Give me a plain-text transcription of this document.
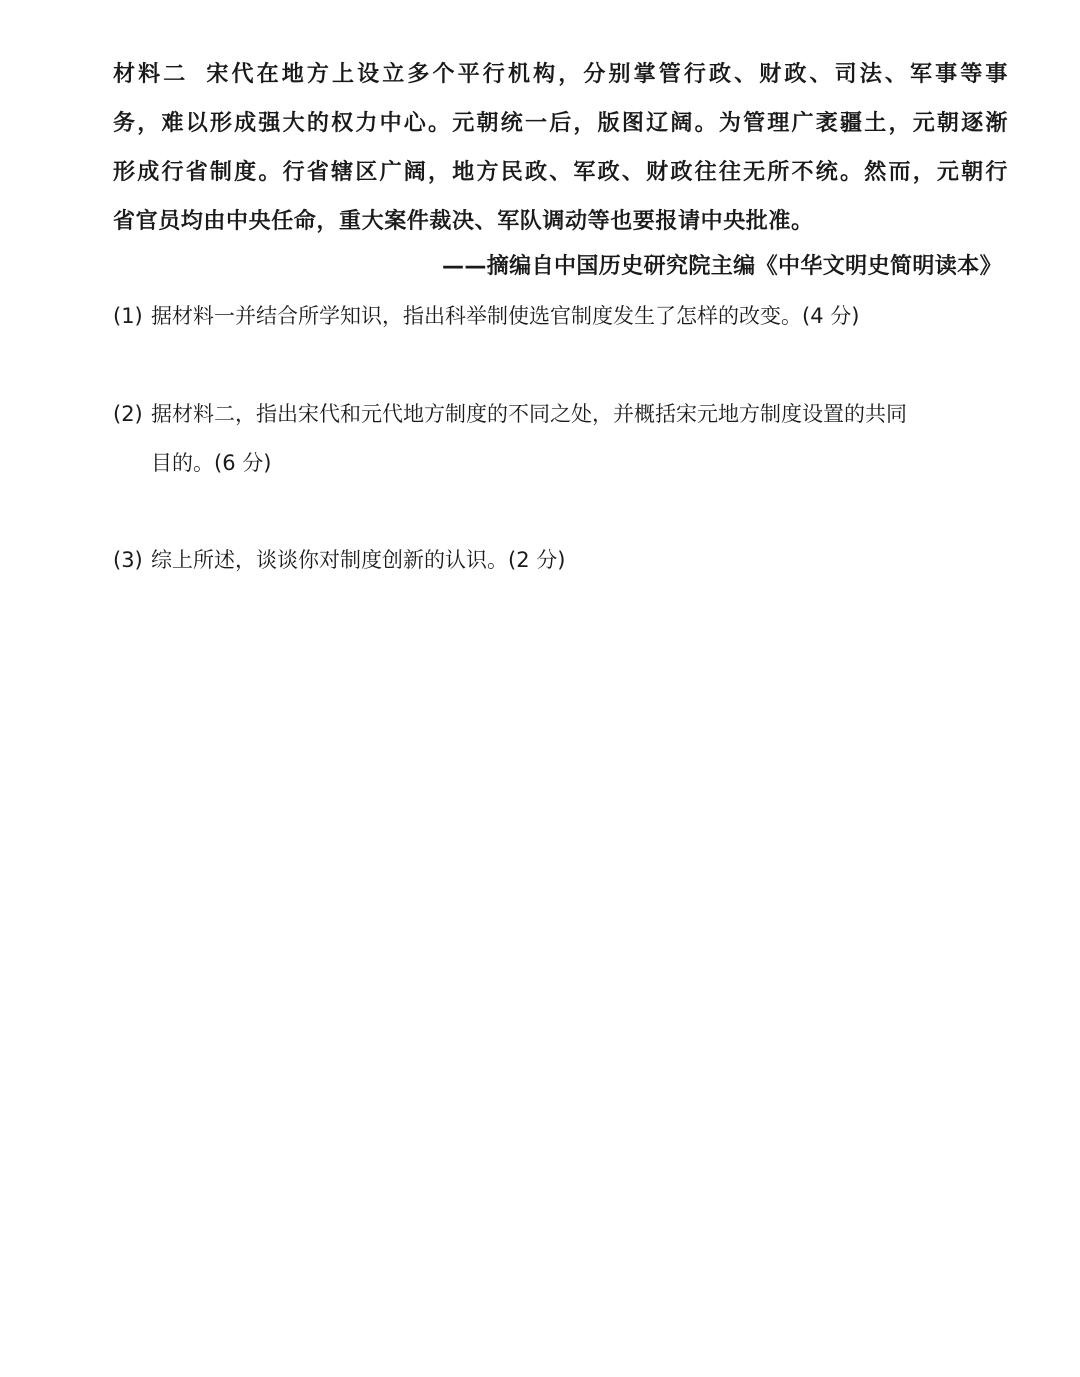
材料二 宋代在地方上设立多个平行机构，分别掌管行政、财政、司法、军事等事
务，难以形成强大的权力中心。元朝统一后，版图辽阔。为管理广袤疆土，元朝逐渐
形成行省制度。行省辖区广阔，地方民政、军政、财政往往无所不统。然而，元朝行
省官员均由中央任命，重大案件裁决、军队调动等也要报请中央批准。
——摘编自中国历史研究院主编《中华文明史简明读本》
(1) 据材料一并结合所学知识，指出科举制使选官制度发生了怎样的改变。(4 分)
(2) 据材料二，指出宋代和元代地方制度的不同之处，并概括宋元地方制度设置的共同
目的。(6 分)
(3) 综上所述，谈谈你对制度创新的认识。(2 分)
